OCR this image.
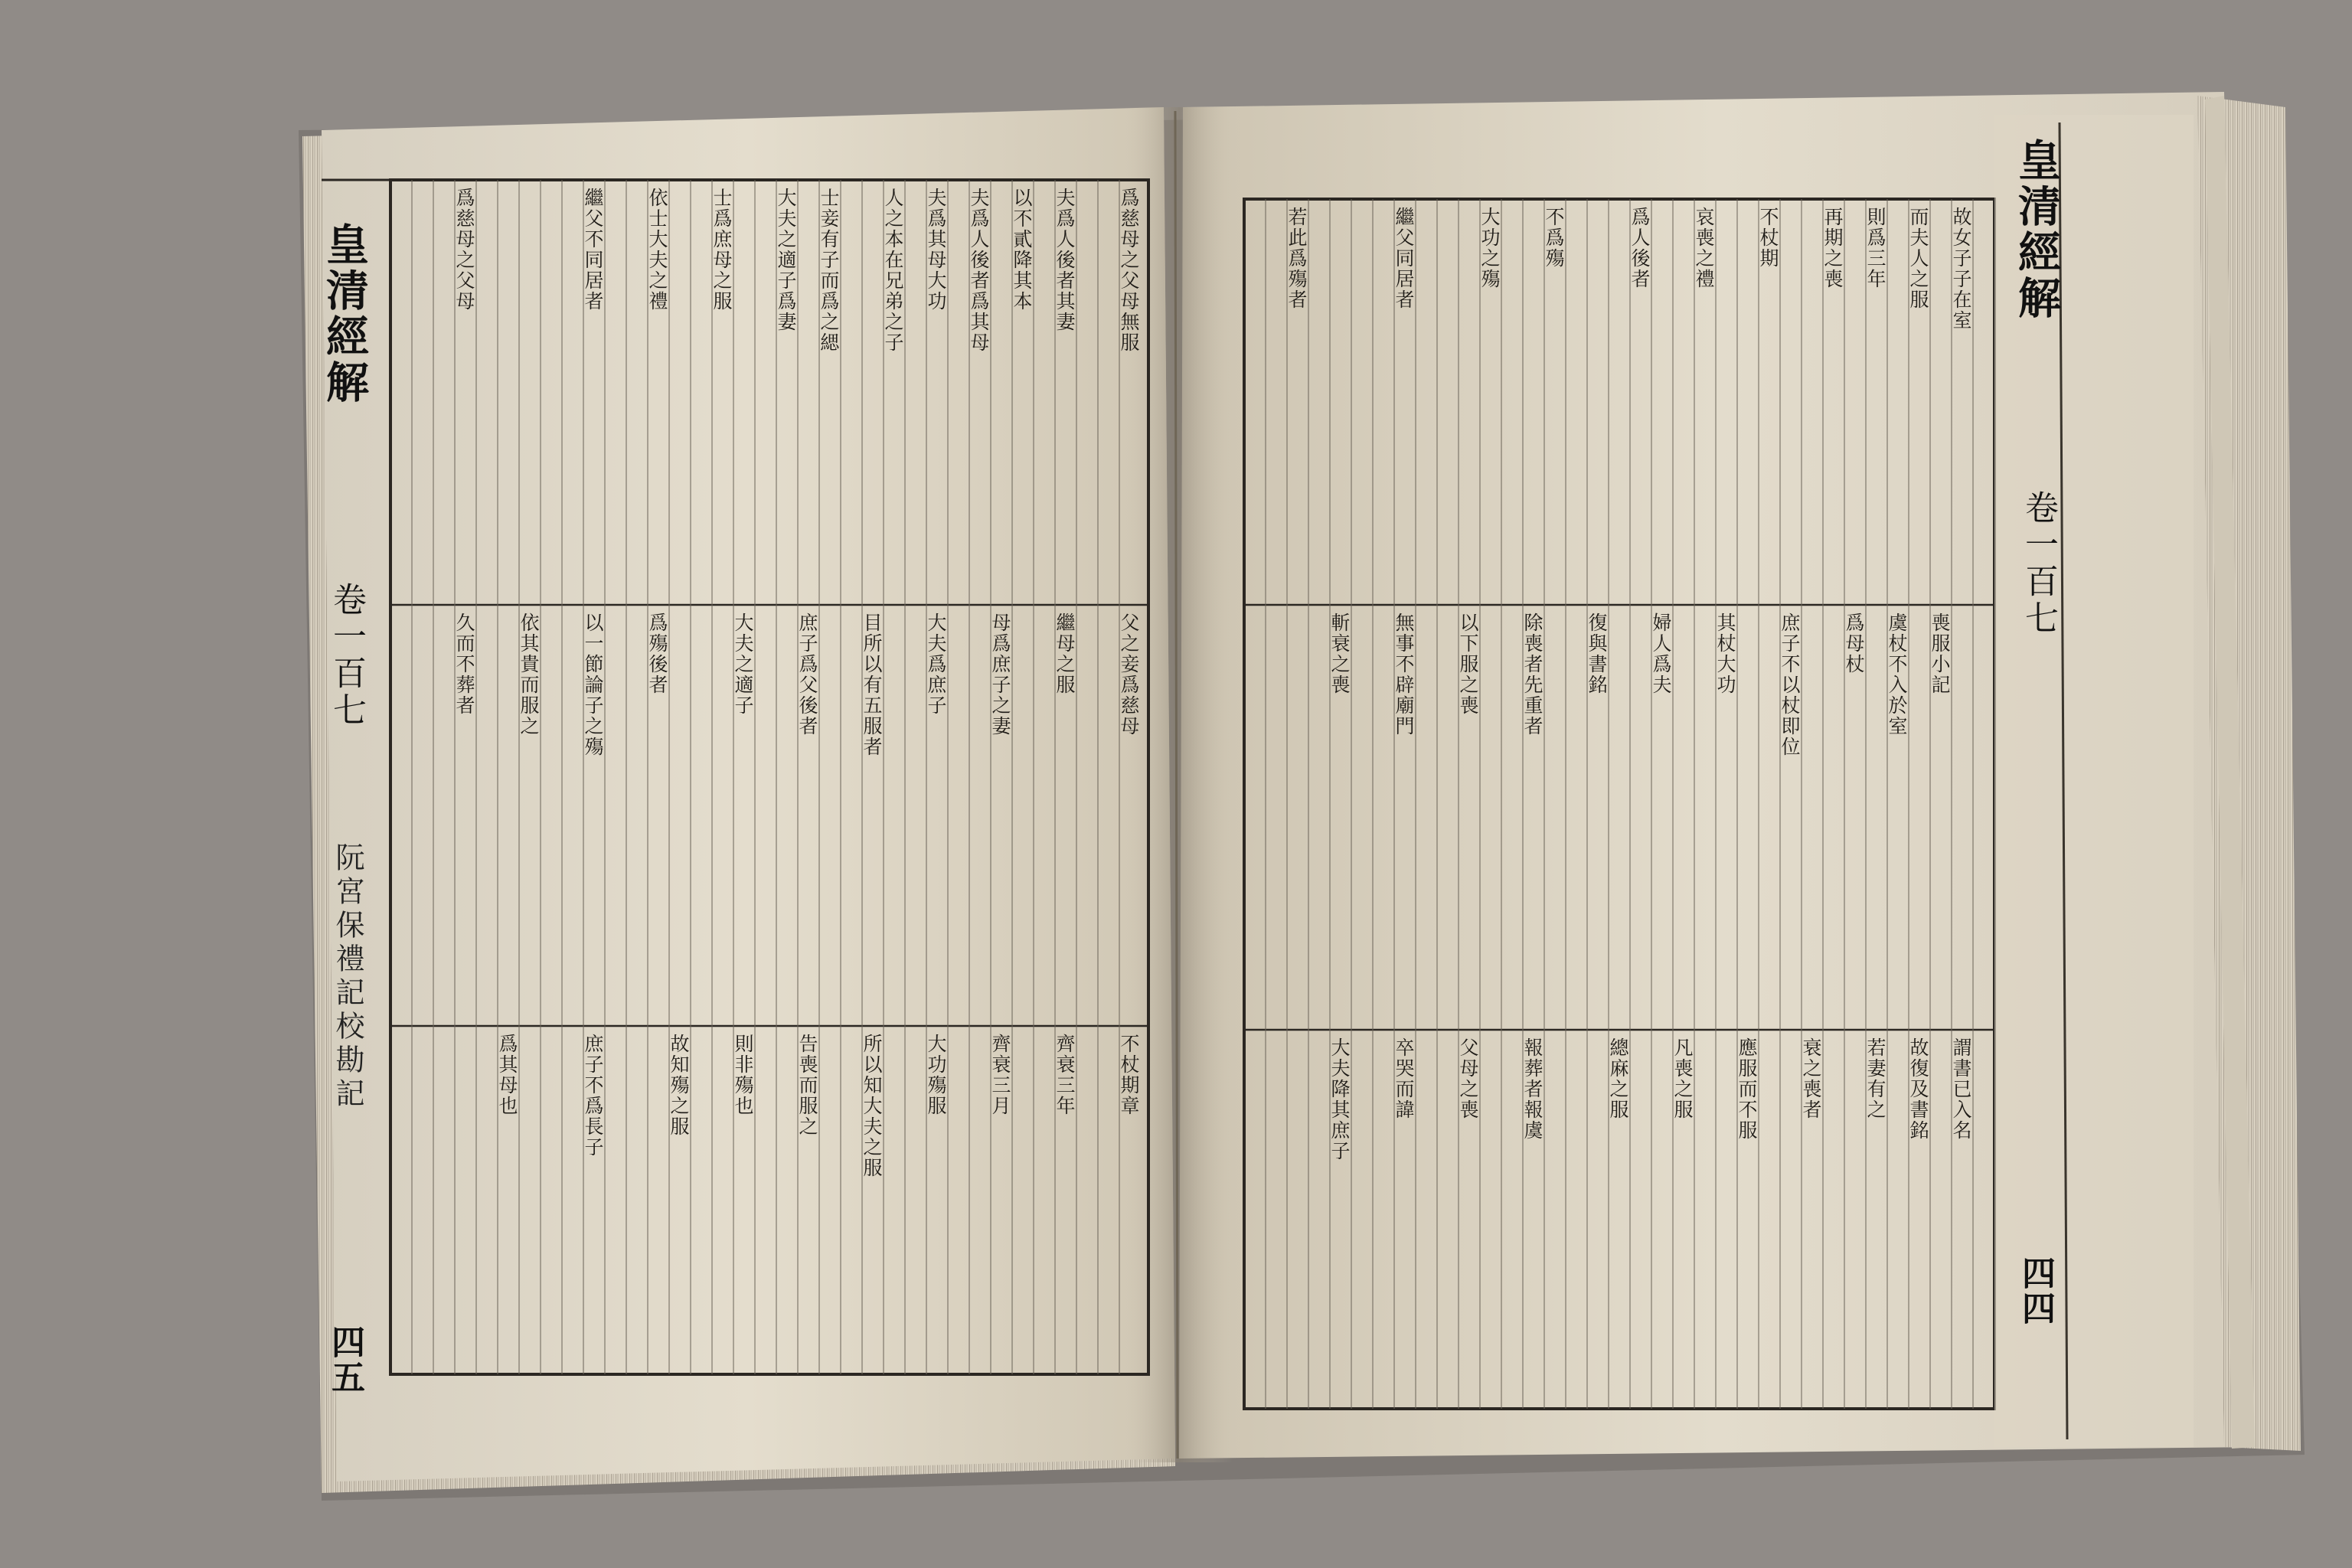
皇清經解
卷一百七
阮宮保禮記校勘記
四五
爲慈母之父母無服
夫爲人後者其妻
以不貳降其本
夫爲人後者爲其母
夫爲其母大功
人之本在兄弟之子
士妾有子而爲之緦
大夫之適子爲妻
士爲庶母之服
依士大夫之禮
繼父不同居者
爲慈母之父母
父之妾爲慈母
繼母之服
母爲庶子之妻
大夫爲庶子
目所以有五服者
庶子爲父後者
大夫之適子
爲殤後者
以一節論子之殤
依其貴而服之
久而不葬者
不杖期章
齊衰三年
齊衰三月
大功殤服
所以知大夫之服
告喪而服之
則非殤也
故知殤之服
庶子不爲長子
爲其母也
皇清經解
卷一百七
四四
故女子子在室
而夫人之服
則爲三年
再期之喪
不杖期
哀喪之禮
爲人後者
不爲殤
大功之殤
繼父同居者
若此爲殤者
喪服小記
虞杖不入於室
爲母杖
庶子不以杖即位
其杖大功
婦人爲夫
復與書銘
除喪者先重者
以下服之喪
無事不辟廟門
斬衰之喪
謂書已入名
故復及書銘
若妻有之
衰之喪者
應服而不服
凡喪之服
總麻之服
報葬者報虞
父母之喪
卒哭而諱
大夫降其庶子
